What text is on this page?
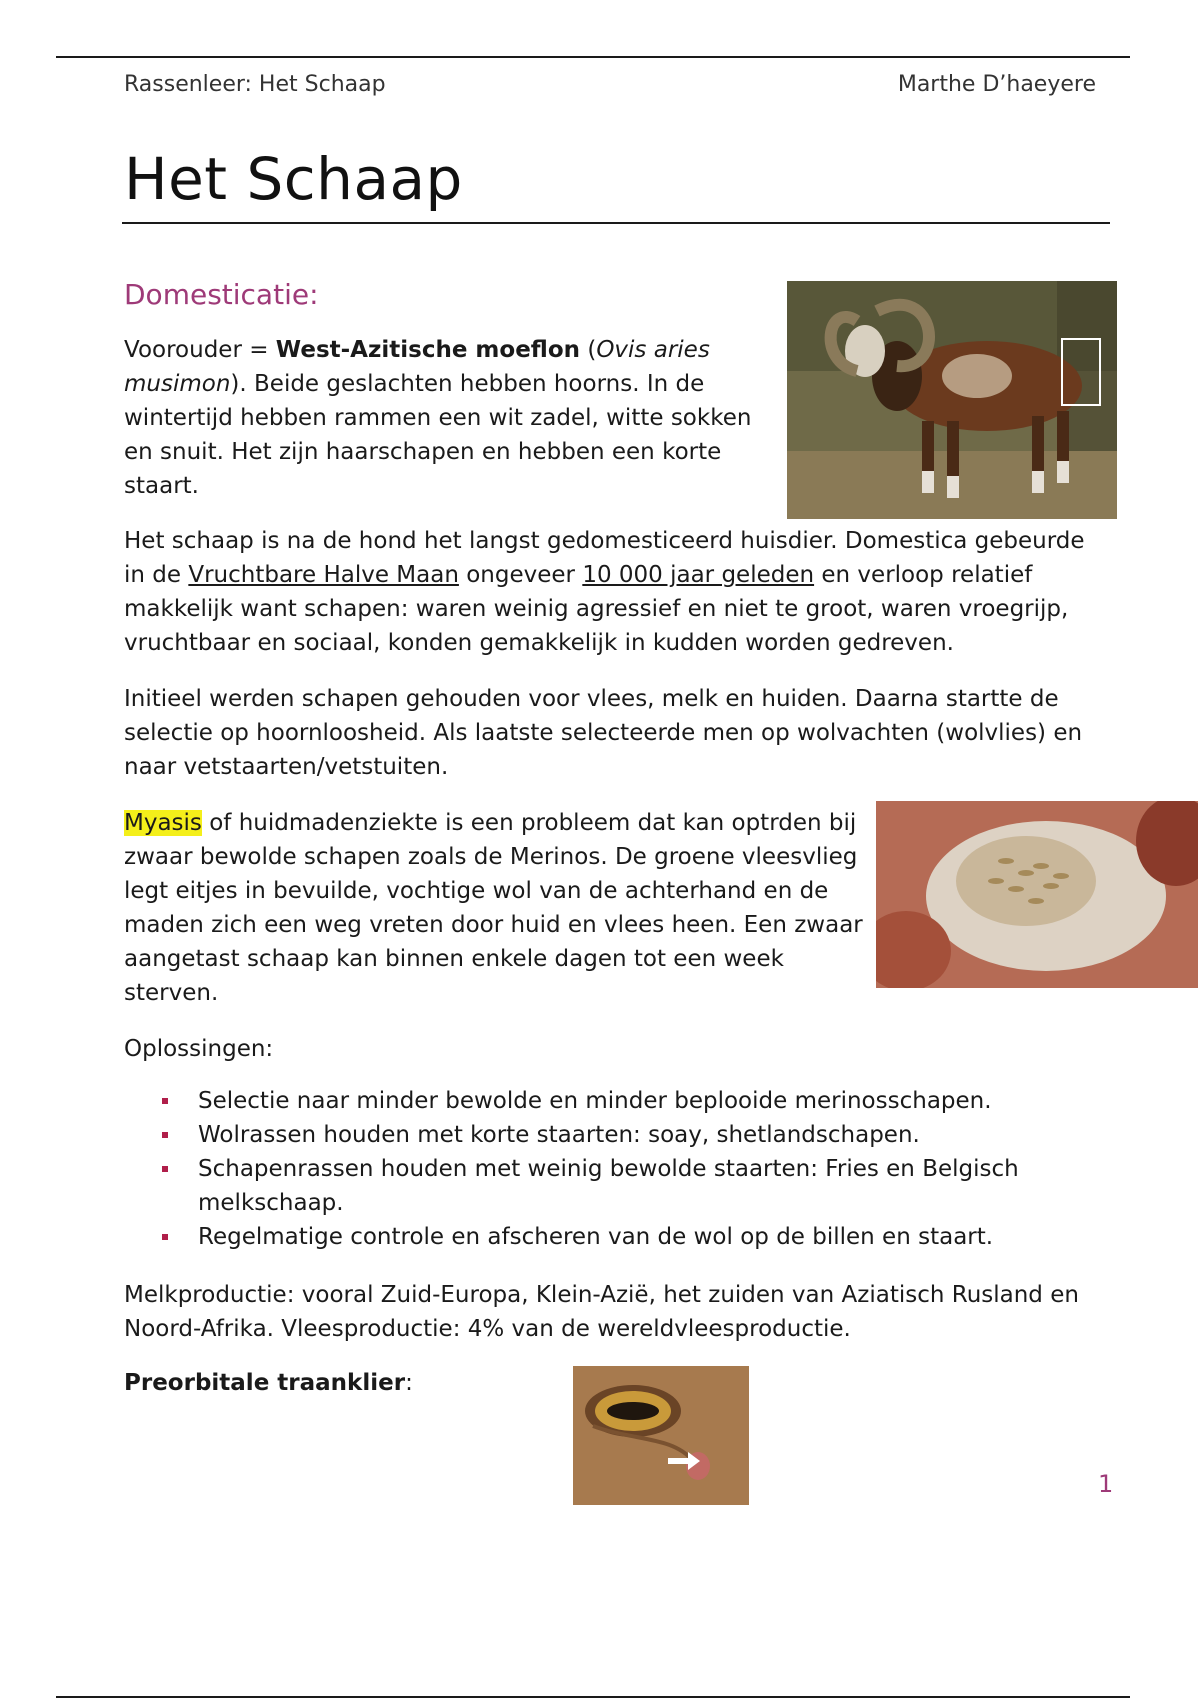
Rassenleer: Het Schaap	Marthe D’haeyere
Het Schaap
Domesticatie:

Voorouder = West-Azitische moeflon (Ovis aries musimon). Beide geslachten hebben hoorns. In de wintertijd hebben rammen een wit zadel, witte sokken en snuit. Het zijn haarschapen en hebben een korte staart.

Het schaap is na de hond het langst gedomesticeerd huisdier. Domestica gebeurde in de Vruchtbare Halve Maan ongeveer 10 000 jaar geleden en verloop relatief makkelijk want schapen: waren weinig agressief en niet te groot, waren vroegrijp, vruchtbaar en sociaal, konden gemakkelijk in kudden worden gedreven.

Initieel werden schapen gehouden voor vlees, melk en huiden. Daarna startte de selectie op hoornloosheid. Als laatste selecteerde men op wolvachten (wolvlies) en naar vetstaarten/vetstuiten.

Myasis of huidmadenziekte is een probleem dat kan optrden bij zwaar bewolde schapen zoals de Merinos. De groene vleesvlieg legt eitjes in bevuilde, vochtige wol van de achterhand en de maden zich een weg vreten door huid en vlees heen. Een zwaar aangetast schaap kan binnen enkele dagen tot een week sterven.

Oplossingen:

Selectie naar minder bewolde en minder beplooide merinosschapen.
Wolrassen houden met korte staarten: soay, shetlandschapen.
Schapenrassen houden met weinig bewolde staarten: Fries en Belgisch melkschaap.
Regelmatige controle en afscheren van de wol op de billen en staart.

Melkproductie: vooral Zuid-Europa, Klein-Azië, het zuiden van Aziatisch Rusland en Noord-Afrika. Vleesproductie: 4% van de wereldvleesproductie.

Preorbitale traanklier:

1
